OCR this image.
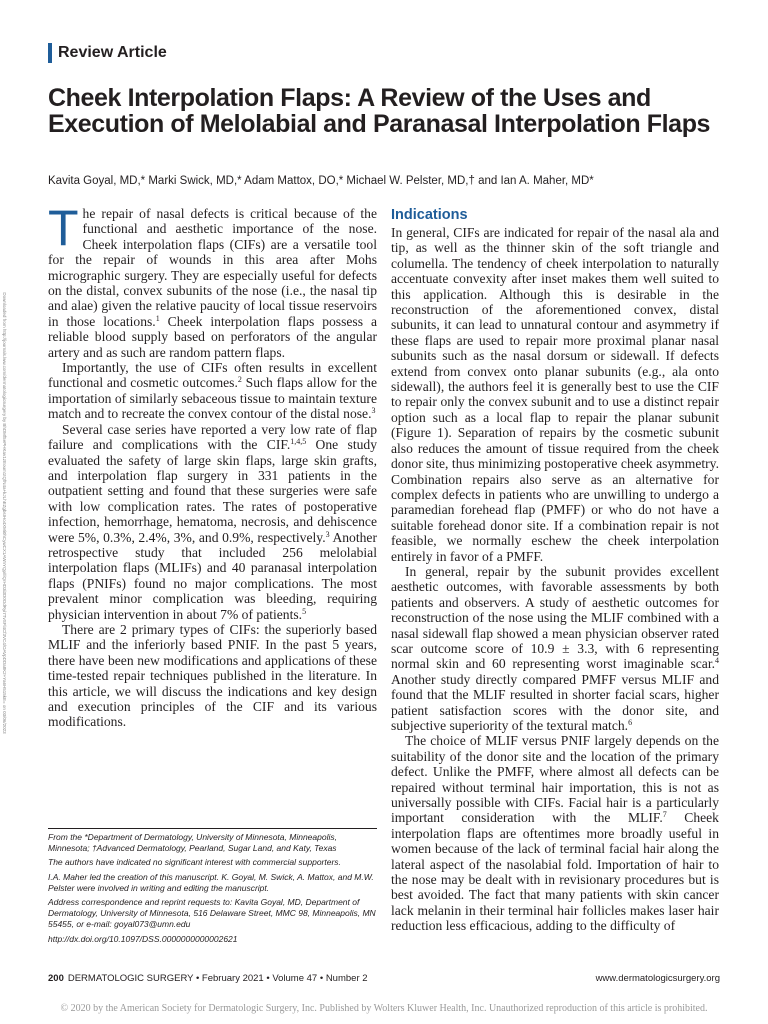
Review Article
Cheek Interpolation Flaps: A Review of the Uses and Execution of Melolabial and Paranasal Interpolation Flaps
Kavita Goyal, MD,* Marki Swick, MD,* Adam Mattox, DO,* Michael W. Pelster, MD,† and Ian A. Maher, MD*
Downloaded from http://journals.lww.com/dermatologicsurgery by BhDMf5ePHKav1zEoum1tQfN4a+kJLhEZgbsIHo4XMi0hCywCX1AWnYQp/IlQrHD3i3D0OdRyi7TvSFl4Cf3VC4/OAVpDDa8K2+Ya6H515kE= on 03/06/2023

The repair of nasal defects is critical because of the functional and aesthetic importance of the nose. Cheek interpolation flaps (CIFs) are a versatile tool for the repair of wounds in this area after Mohs micrographic surgery. They are especially useful for defects on the distal, convex subunits of the nose (i.e., the nasal tip and alae) given the relative paucity of local tissue reservoirs in those locations.$^1$ Cheek interpolation flaps possess a reliable blood supply based on perforators of the angular artery and as such are random pattern flaps.

Importantly, the use of CIFs often results in excellent functional and cosmetic outcomes.$^2$ Such flaps allow for the importation of similarly sebaceous tissue to maintain texture match and to recreate the convex contour of the distal nose.$^3$

Several case series have reported a very low rate of flap failure and complications with the CIF.$^{1,4,5}$ One study evaluated the safety of large skin flaps, large skin grafts, and interpolation flap surgery in 331 patients in the outpatient setting and found that these surgeries were safe with low complication rates. The rates of postoperative infection, hemorrhage, hematoma, necrosis, and dehiscence were 5%, 0.3%, 2.4%, 3%, and 0.9%, respectively.$^3$ Another retrospective study that included 256 melolabial interpolation flaps (MLIFs) and 40 paranasal interpolation flaps (PNIFs) found no major complications. The most prevalent minor complication was bleeding, requiring physician intervention in about 7% of patients.$^5$

There are 2 primary types of CIFs: the superiorly based MLIF and the inferiorly based PNIF. In the past 5 years, there have been new modifications and applications of these time-tested repair techniques published in the literature. In this article, we will discuss the indications and key design and execution principles of the CIF and its various modifications.

Indications

In general, CIFs are indicated for repair of the nasal ala and tip, as well as the thinner skin of the soft triangle and columella. The tendency of cheek interpolation to naturally accentuate convexity after inset makes them well suited to this application. Although this is desirable in the reconstruction of the aforementioned convex, distal subunits, it can lead to unnatural contour and asymmetry if these flaps are used to repair more proximal planar nasal subunits such as the nasal dorsum or sidewall. If defects extend from convex onto planar subunits (e.g., ala onto sidewall), the authors feel it is generally best to use the CIF to repair only the convex subunit and to use a distinct repair option such as a local flap to repair the planar subunit (Figure 1). Separation of repairs by the cosmetic subunit also reduces the amount of tissue required from the cheek donor site, thus minimizing postoperative cheek asymmetry. Combination repairs also serve as an alternative for complex defects in patients who are unwilling to undergo a paramedian forehead flap (PMFF) or who do not have a suitable forehead donor site. If a combination repair is not feasible, we normally eschew the cheek interpolation entirely in favor of a PMFF.

In general, repair by the subunit provides excellent aesthetic outcomes, with favorable assessments by both patients and observers. A study of aesthetic outcomes for reconstruction of the nose using the MLIF combined with a nasal sidewall flap showed a mean physician observer rated scar outcome score of 10.9 ± 3.3, with 6 representing normal skin and 60 representing worst imaginable scar.$^4$ Another study directly compared PMFF versus MLIF and found that the MLIF resulted in shorter facial scars, higher patient satisfaction scores with the donor site, and subjective superiority of the textural match.$^6$

The choice of MLIF versus PNIF largely depends on the suitability of the donor site and the location of the primary defect. Unlike the PMFF, where almost all defects can be repaired without terminal hair importation, this is not as universally possible with CIFs. Facial hair is a particularly important consideration with the MLIF.$^7$ Cheek interpolation flaps are oftentimes more broadly useful in women because of the lack of terminal facial hair along the lateral aspect of the nasolabial fold. Importation of hair to the nose may be dealt with in revisionary procedures but is best avoided. The fact that many patients with skin cancer lack melanin in their terminal hair follicles makes laser hair reduction less efficacious, adding to the difficulty of

From the *Department of Dermatology, University of Minnesota, Minneapolis, Minnesota; †Advanced Dermatology, Pearland, Sugar Land, and Katy, Texas

The authors have indicated no significant interest with commercial supporters.

I.A. Maher led the creation of this manuscript. K. Goyal, M. Swick, A. Mattox, and M.W. Pelster were involved in writing and editing the manuscript.

Address correspondence and reprint requests to: Kavita Goyal, MD, Department of Dermatology, University of Minnesota, 516 Delaware Street, MMC 98, Minneapolis, MN 55455, or e-mail: goyal073@umn.edu

http://dx.doi.org/10.1097/DSS.0000000000002621

200 DERMATOLOGIC SURGERY • February 2021 • Volume 47 • Number 2	www.dermatologicsurgery.org
© 2020 by the American Society for Dermatologic Surgery, Inc. Published by Wolters Kluwer Health, Inc. Unauthorized reproduction of this article is prohibited.
